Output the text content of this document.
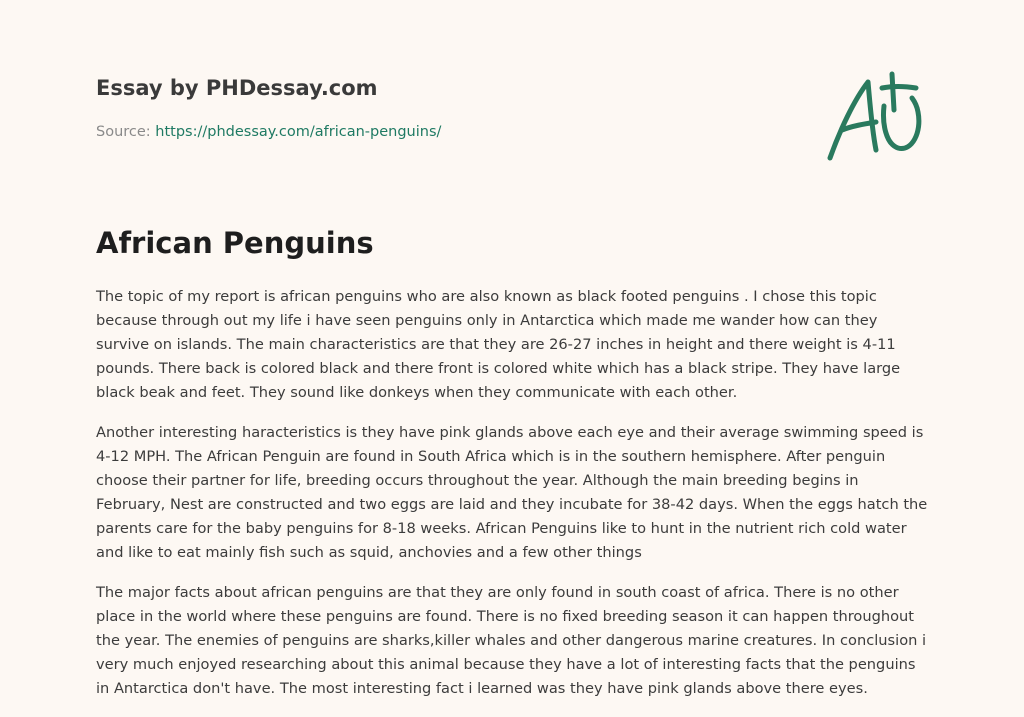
Essay by PHDessay.com
Source: https://phdessay.com/african-penguins/
African Penguins

The topic of my report is african penguins who are also known as black footed penguins . I chose this topic because through out my life i have seen penguins only in Antarctica which made me wander how can they survive on islands. The main characteristics are that they are 26-27 inches in height and there weight is 4-11 pounds. There back is colored black and there front is colored white which has a black stripe. They have large black beak and feet. They sound like donkeys when they communicate with each other.

Another interesting haracteristics is they have pink glands above each eye and their average swimming speed is 4-12 MPH. The African Penguin are found in South Africa which is in the southern hemisphere. After penguin choose their partner for life, breeding occurs throughout the year. Although the main breeding begins in February, Nest are constructed and two eggs are laid and they incubate for 38-42 days. When the eggs hatch the parents care for the baby penguins for 8-18 weeks. African Penguins like to hunt in the nutrient rich cold water and like to eat mainly fish such as squid, anchovies and a few other things

The major facts about african penguins are that they are only found in south coast of africa. There is no other place in the world where these penguins are found. There is no fixed breeding season it can happen throughout the year. The enemies of penguins are sharks,killer whales and other dangerous marine creatures. In conclusion i very much enjoyed researching about this animal because they have a lot of interesting facts that the penguins in Antarctica don't have. The most interesting fact i learned was they have pink glands above there eyes.
